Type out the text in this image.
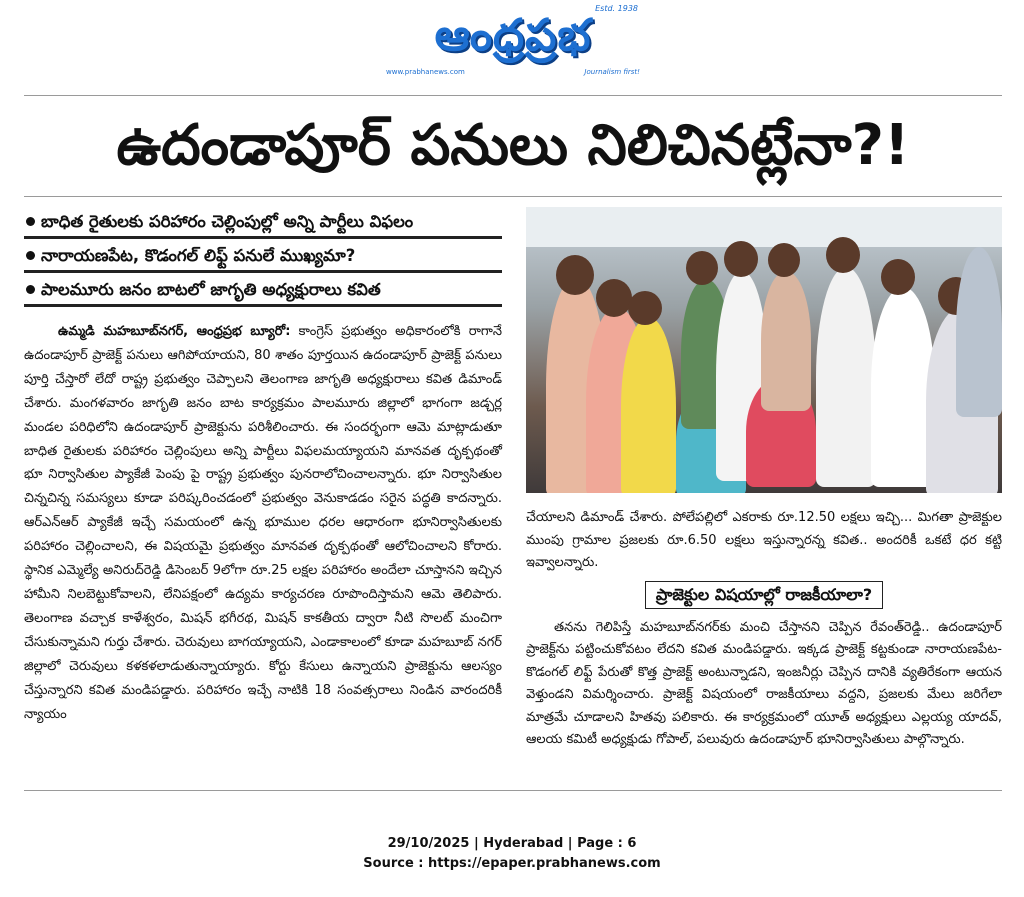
ఆంధ్రప్రభ
Estd. 1938
www.prabhanews.com	Journalism first!
ఉదండాపూర్ పనులు నిలిచినట్లేనా?!
బాధిత రైతులకు పరిహారం చెల్లింపుల్లో అన్ని పార్టీలు విఫలం
నారాయణపేట, కొడంగల్ లిఫ్ట్ పనులే ముఖ్యమా?
పాలమూరు జనం బాటలో జాగృతి అధ్యక్షురాలు కవిత

ఉమ్మడి మహబూబ్‌నగర్, ఆంధ్రప్రభ బ్యూరో: కాంగ్రెస్ ప్రభుత్వం అధికారంలోకి రాగానే ఉదండాపూర్ ప్రాజెక్ట్ పనులు ఆగిపోయాయని, 80 శాతం పూర్తయిన ఉదండాపూర్ ప్రాజెక్ట్ పనులు పూర్తి చేస్తారో లేదో రాష్ట్ర ప్రభుత్వం చెప్పాలని తెలంగాణ జాగృతి అధ్యక్షురాలు కవిత డిమాండ్ చేశారు. మంగళవారం జాగృతి జనం బాట కార్యక్రమం పాలమూరు జిల్లాలో భాగంగా జడ్చర్ల మండల పరిధిలోని ఉదండాపూర్ ప్రాజెక్టును పరిశీలించారు. ఈ సందర్భంగా ఆమె మాట్లాడుతూ బాధిత రైతులకు పరిహారం చెల్లింపులు అన్ని పార్టీలు విఫలమయ్యాయని మానవత దృక్పథంతో భూ నిర్వాసితుల ప్యాకేజీ పెంపు పై రాష్ట్ర ప్రభుత్వం పునరాలోచించాలన్నారు. భూ నిర్వాసితుల చిన్నచిన్న సమస్యలు కూడా పరిష్కరించడంలో ప్రభుత్వం వెనుకాడడం సరైన పద్ధతి కాదన్నారు. ఆర్‌ఎన్ఆర్ ప్యాకేజీ ఇచ్చే సమయంలో ఉన్న భూముల ధరల ఆధారంగా భూనిర్వాసితులకు పరిహారం చెల్లించాలని, ఈ విషయమై ప్రభుత్వం మానవత దృక్పథంతో ఆలోచించాలని కోరారు. స్థానిక ఎమ్మెల్యే అనిరుద్‌రెడ్డి డిసెంబర్ 9లోగా రూ.25 లక్షల పరిహారం అందేలా చూస్తానని ఇచ్చిన హామీని నిలబెట్టుకోవాలని, లేనిపక్షంలో ఉద్యమ కార్యచరణ రూపొందిస్తామని ఆమె తెలిపారు. తెలంగాణ వచ్చాక కాళేశ్వరం, మిషన్ భగీరథ, మిషన్ కాకతీయ ద్వారా నీటి సొలట్ మంచిగా చేసుకున్నామని గుర్తు చేశారు. చెరువులు బాగయ్యాయని, ఎండాకాలంలో కూడా మహబూబ్ నగర్ జిల్లాలో చెరువులు కళకళలాడుతున్నాయ్యారు. కోర్టు కేసులు ఉన్నాయని ప్రాజెక్టును ఆలస్యం చేస్తున్నారని కవిత మండిపడ్డారు. పరిహారం ఇచ్చే నాటికి 18 సంవత్సరాలు నిండిన వారందరికీ న్యాయం

చేయాలని డిమాండ్ చేశారు. పోలేపల్లిలో ఎకరాకు రూ.12.50 లక్షలు ఇచ్చి... మిగతా ప్రాజెక్టుల ముంపు గ్రామాల ప్రజలకు రూ.6.50 లక్షలు ఇస్తున్నారన్న కవిత.. అందరికీ ఒకటే ధర కట్టి ఇవ్వాలన్నారు.

ప్రాజెక్టుల విషయాల్లో రాజకీయాలా?

తనను గెలిపిస్తే మహబూబ్‌నగర్‌కు మంచి చేస్తానని చెప్పిన రేవంత్‌రెడ్డి.. ఉదండాపూర్ ప్రాజెక్ట్‌ను పట్టించుకోవటం లేదని కవిత మండిపడ్డారు. ఇక్కడ ప్రాజెక్ట్ కట్టకుండా నారాయణపేట-కొడంగల్ లిఫ్ట్ పేరుతో కొత్త ప్రాజెక్ట్ అంటున్నాడని, ఇంజనీర్లు చెప్పిన దానికి వ్యతిరేకంగా ఆయన వెళ్తుండని విమర్శించారు. ప్రాజెక్ట్ విషయంలో రాజకీయాలు వద్దని, ప్రజలకు మేలు జరిగేలా మాత్రమే చూడాలని హితవు పలికారు. ఈ కార్యక్రమంలో యూత్ అధ్యక్షులు ఎల్లయ్య యాదవ్, ఆలయ కమిటీ అధ్యక్షుడు గోపాల్, పలువురు ఉదండాపూర్ భూనిర్వాసితులు పాల్గొన్నారు.

29/10/2025 | Hyderabad | Page : 6
Source : https://epaper.prabhanews.com
